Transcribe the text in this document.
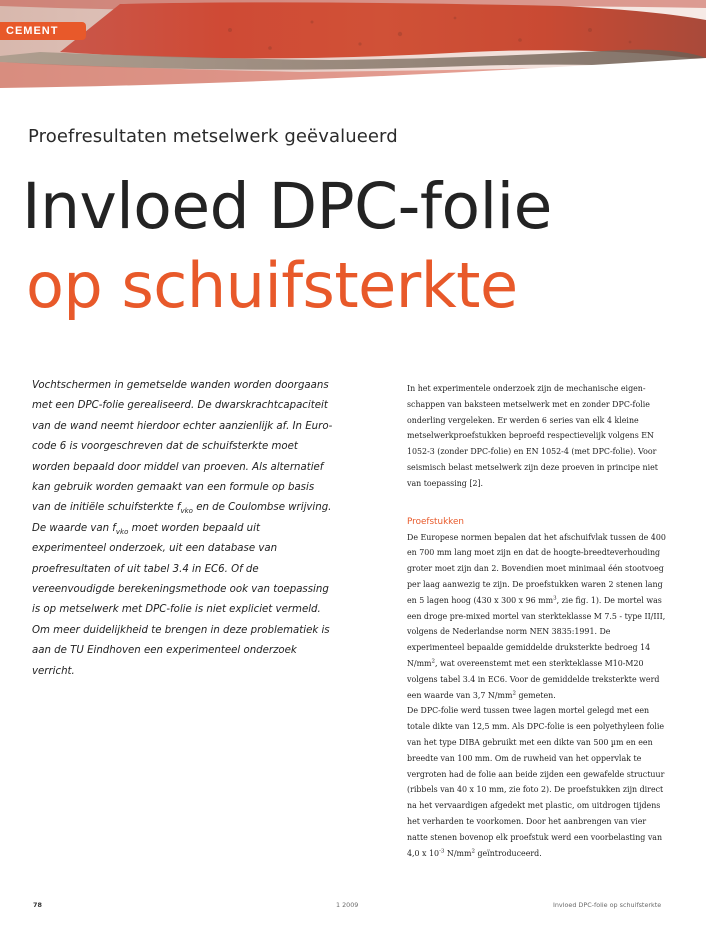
CEMENT
Proefresultaten metselwerk geëvalueerd
Invloed DPC-folie
op schuifsterkte
Vochtschermen in gemetselde wanden worden doorgaans met een DPC-folie gerealiseerd. De dwarskrachtcapaciteit van de wand neemt hierdoor echter aanzienlijk af. In Eurocode 6 is voorgeschreven dat de schuifsterkte moet worden bepaald door middel van proeven. Als alternatief kan gebruik worden gemaakt van een formule op basis van de initiële schuifsterkte $f_{vko}$ en de Coulombse wrijving. De waarde van $f_{vko}$ moet worden bepaald uit experimenteel onderzoek, uit een database van proefresultaten of uit tabel 3.4 in EC6. Of de vereenvoudigde berekeningsmethode ook van toepassing is op metselwerk met DPC-folie is niet expliciet vermeld. Om meer duidelijkheid te brengen in deze problematiek is aan de TU Eindhoven een experimenteel onderzoek verricht.

In het experimentele onderzoek zijn de mechanische eigenschappen van baksteen metselwerk met en zonder DPC-folie onderling vergeleken. Er werden 6 series van elk 4 kleine metselwerkproefstukken beproefd respectievelijk volgens EN 1052-3 (zonder DPC-folie) en EN 1052-4 (met DPC-folie). Voor seismisch belast metselwerk zijn deze proeven in principe niet van toepassing [2].

Proefstukken

De Europese normen bepalen dat het afschuifvlak tussen de 400 en 700 mm lang moet zijn en dat de hoogte-breedteverhouding groter moet zijn dan 2. Bovendien moet minimaal één stootvoeg per laag aanwezig te zijn. De proefstukken waren 2 stenen lang en 5 lagen hoog (430 x 300 x 96 $mm^3$, zie fig. 1). De mortel was een droge pre-mixed mortel van sterkteklasse M 7.5 - type II/III, volgens de Nederlandse norm NEN 3835:1991. De experimenteel bepaalde gemiddelde druksterkte bedroeg 14 $N/mm^2$, wat overeenstemt met een sterkteklasse M10-M20 volgens tabel 3.4 in EC6. Voor de gemiddelde treksterkte werd een waarde van 3,7 $N/mm^2$ gemeten.

De DPC-folie werd tussen twee lagen mortel gelegd met een totale dikte van 12,5 mm. Als DPC-folie is een polyethyleen folie van het type DIBA gebruikt met een dikte van 500 µm en een breedte van 100 mm. Om de ruwheid van het oppervlak te vergroten had de folie aan beide zijden een gewafelde structuur (ribbels van 40 x 10 mm, zie foto 2). De proefstukken zijn direct na het vervaardigen afgedekt met plastic, om uitdrogen tijdens het verharden te voorkomen. Door het aanbrengen van vier natte stenen bovenop elk proefstuk werd een voorbelasting van 4,0 x $10^{-3}$ $N/mm^2$ geïntroduceerd.

78	1 2009	Invloed DPC-folie op schuifsterkte
